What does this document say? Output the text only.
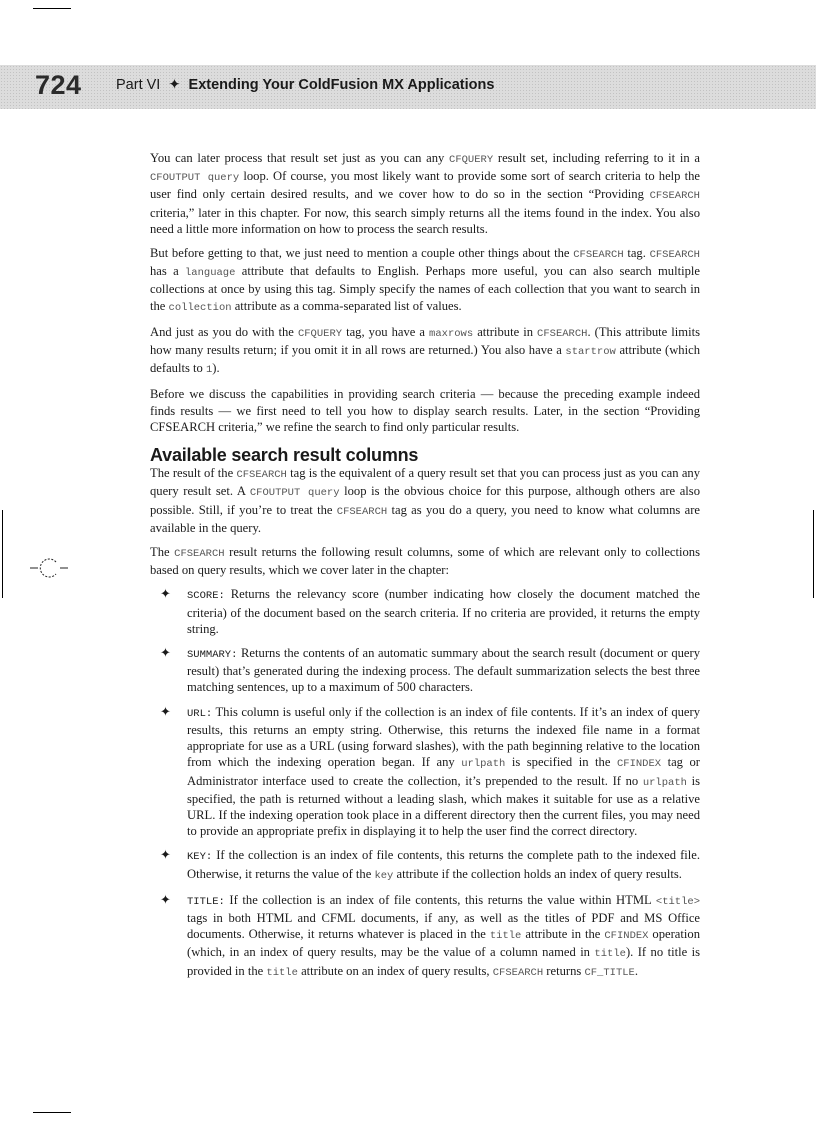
724 Part VI ✦ Extending Your ColdFusion MX Applications

You can later process that result set just as you can any CFQUERY result set, including referring to it in a CFOUTPUT query loop. Of course, you most likely want to provide some sort of search criteria to help the user find only certain desired results, and we cover how to do so in the section “Providing CFSEARCH criteria,” later in this chapter. For now, this search simply returns all the items found in the index. You also need a little more information on how to process the search results.

But before getting to that, we just need to mention a couple other things about the CFSEARCH tag. CFSEARCH has a language attribute that defaults to English. Perhaps more useful, you can also search multiple collections at once by using this tag. Simply specify the names of each collection that you want to search in the collection attribute as a comma-separated list of values.

And just as you do with the CFQUERY tag, you have a maxrows attribute in CFSEARCH. (This attribute limits how many results return; if you omit it in all rows are returned.) You also have a startrow attribute (which defaults to 1).

Before we discuss the capabilities in providing search criteria — because the preceding example indeed finds results — we first need to tell you how to display search results. Later, in the section “Providing CFSEARCH criteria,” we refine the search to find only particular results.

Available search result columns

The result of the CFSEARCH tag is the equivalent of a query result set that you can process just as you can any query result set. A CFOUTPUT query loop is the obvious choice for this purpose, although others are also possible. Still, if you’re to treat the CFSEARCH tag as you do a query, you need to know what columns are available in the query.

The CFSEARCH result returns the following result columns, some of which are relevant only to collections based on query results, which we cover later in the chapter:

✦ SCORE: Returns the relevancy score (number indicating how closely the document matched the criteria) of the document based on the search criteria. If no criteria are provided, it returns the empty string.
✦ SUMMARY: Returns the contents of an automatic summary about the search result (document or query result) that’s generated during the indexing process. The default summarization selects the best three matching sentences, up to a maximum of 500 characters.
✦ URL: This column is useful only if the collection is an index of file contents. If it’s an index of query results, this returns an empty string. Otherwise, this returns the indexed file name in a format appropriate for use as a URL (using forward slashes), with the path beginning relative to the location from which the indexing operation began. If any urlpath is specified in the CFINDEX tag or Administrator interface used to create the collection, it’s prepended to the result. If no urlpath is specified, the path is returned without a leading slash, which makes it suitable for use as a relative URL. If the indexing operation took place in a different directory then the current files, you may need to provide an appropriate prefix in displaying it to help the user find the correct directory.
✦ KEY: If the collection is an index of file contents, this returns the complete path to the indexed file. Otherwise, it returns the value of the key attribute if the collection holds an index of query results.
✦ TITLE: If the collection is an index of file contents, this returns the value within HTML <title> tags in both HTML and CFML documents, if any, as well as the titles of PDF and MS Office documents. Otherwise, it returns whatever is placed in the title attribute in the CFINDEX operation (which, in an index of query results, may be the value of a column named in title). If no title is provided in the title attribute on an index of query results, CFSEARCH returns CF_TITLE.
